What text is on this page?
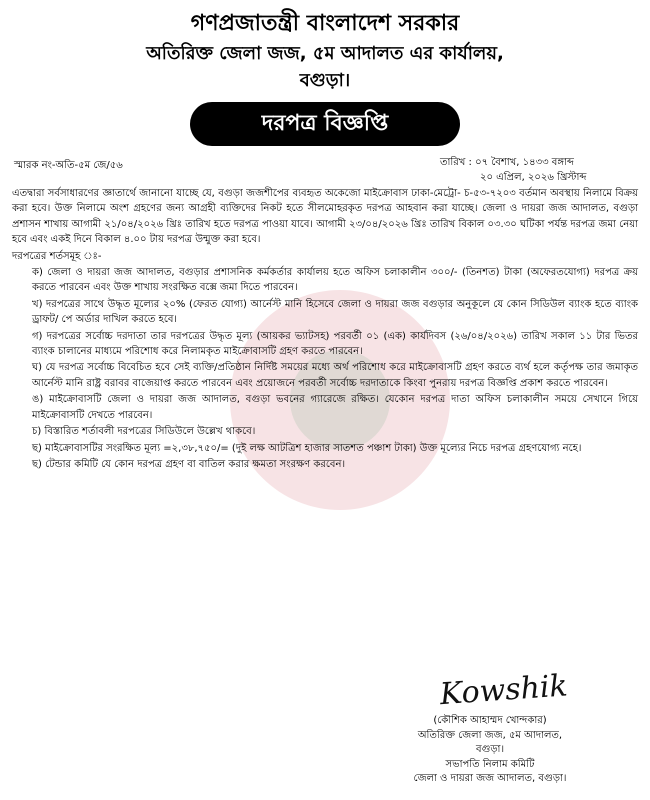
গণপ্রজাতন্ত্রী বাংলাদেশ সরকার
অতিরিক্ত জেলা জজ, ৫ম আদালত এর কার্যালয়,
বগুড়া।
দরপত্র বিজ্ঞপ্তি
স্মারক নং-অতি-৫ম জে/৫৬	তারিখ : ০৭ বৈশাখ, ১৪৩৩ বঙ্গাব্দ
২০ এপ্রিল, ২০২৬ খ্রিস্টাব্দ

এতদ্বারা সর্বসাধারণের জ্ঞাতার্থে জানানো যাচ্ছে যে, বগুড়া জজশীপের ব্যবহৃত অকেজো মাইক্রোবাস ঢাকা-মেট্রো- চ-৫৩-৭২০৩ বর্তমান অবস্থায় নিলামে বিক্রয় করা হবে। উক্ত নিলামে অংশ গ্রহণের জন্য আগ্রহী ব্যক্তিদের নিকট হতে সীলমোহরকৃত দরপত্র আহবান করা যাচ্ছে। জেলা ও দায়রা জজ আদালত, বগুড়া প্রশাসন শাখায় আগামী ২১/০৪/২০২৬ খ্রিঃ তারিখ হতে দরপত্র পাওয়া যাবে। আগামী ২৩/০৪/২০২৬ খ্রিঃ তারিখ বিকাল ০৩.৩০ ঘটিকা পর্যন্ত দরপত্র জমা নেয়া হবে এবং একই দিনে বিকাল ৪.০০ টায় দরপত্র উন্মুক্ত করা হবে।

দরপত্রের শর্তসমূহ ঃ-

ক) জেলা ও দায়রা জজ আদালত, বগুড়ার প্রশাসনিক কর্মকর্তার কার্যালয় হতে অফিস চলাকালীন ৩০০/- (তিনশত) টাকা (অফেরতযোগ্য) দরপত্র ক্রয় করতে পারবেন এবং উক্ত শাখায় সংরক্ষিত বক্সে জমা দিতে পারবেন।

খ) দরপত্রের সাথে উদ্ধৃত মূল্যের ২০% (ফেরত যোগ্য) আর্নেস্ট মানি হিসেবে জেলা ও দায়রা জজ বগুড়ার অনুকূলে যে কোন সিডিউল ব্যাংক হতে ব্যাংক ড্রাফট/ পে অর্ডার দাখিল করতে হবে।

গ) দরপত্রের সর্বোচ্চ দরদাতা তার দরপত্রের উদ্ধৃত মূল্য (আয়কর ভ্যাটসহ) পরবর্তী ০১ (এক) কার্যদিবস (২৬/০৪/২০২৬) তারিখ সকাল ১১ টার ভিতর ব্যাংক চালানের মাধ্যমে পরিশোধ করে নিলামকৃত মাইক্রোবাসটি গ্রহণ করতে পারবেন।

ঘ) যে দরপত্র সর্বোচ্চ বিবেচিত হবে সেই ব্যক্তি/প্রতিষ্ঠান নির্দিষ্ট সময়ের মধ্যে অর্থ পরিশোধ করে মাইক্রোবাসটি গ্রহণ করতে ব্যর্থ হলে কর্তৃপক্ষ তার জমাকৃত আর্নেস্ট মানি রাষ্ট্র বরাবর বাজেয়াপ্ত করতে পারবেন এবং প্রয়োজনে পরবর্তী সর্বোচ্চ দরদাতাকে কিংবা পুনরায় দরপত্র বিজ্ঞপ্তি প্রকাশ করতে পারবেন।

ঙ) মাইক্রোবাসটি জেলা ও দায়রা জজ আদালত, বগুড়া ভবনের গ্যারেজে রক্ষিত। যেকোন দরপত্র দাতা অফিস চলাকালীন সময়ে সেখানে গিয়ে মাইক্রোবাসটি দেখতে পারবেন।

চ) বিস্তারিত শর্তাবলী দরপত্রের সিডিউলে উল্লেখ থাকবে।

ছ) মাইক্রোবাসটির সংরক্ষিত মূল্য =২,৩৮,৭৫০/= (দুই লক্ষ আটত্রিশ হাজার সাতশত পঞ্চাশ টাকা) উক্ত মূল্যের নিচে দরপত্র গ্রহণযোগ্য নহে।

ছ) টেন্ডার কমিটি যে কোন দরপত্র গ্রহণ বা বাতিল করার ক্ষমতা সংরক্ষণ করবেন।

Kowshik
(কৌশিক আহাম্মদ খোন্দকার)
অতিরিক্ত জেলা জজ, ৫ম আদালত,
বগুড়া।
সভাপতি নিলাম কমিটি
জেলা ও দায়রা জজ আদালত, বগুড়া।
